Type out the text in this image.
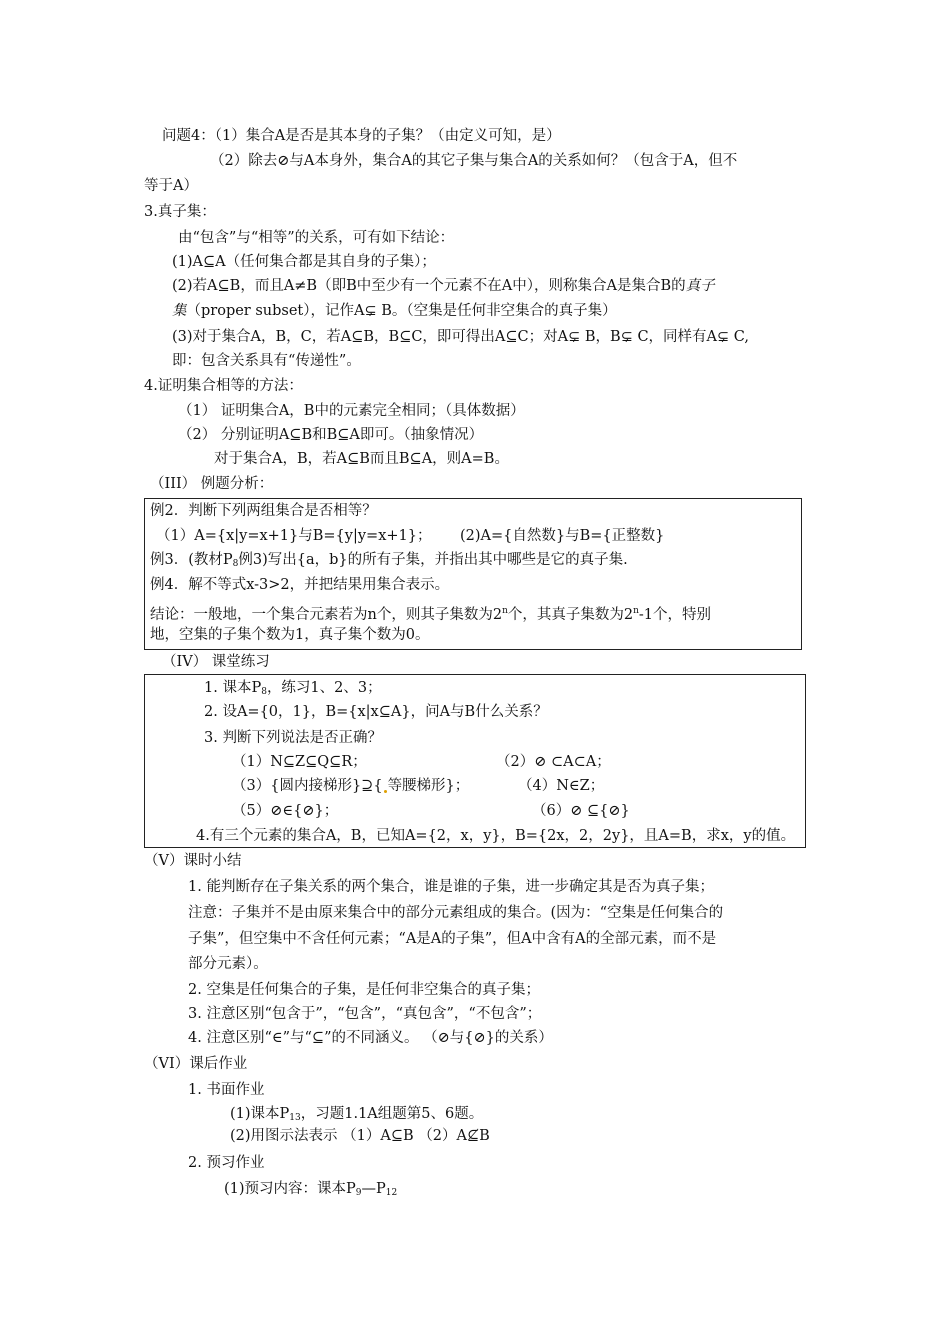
问题4：（1）集合A是否是其本身的子集？（由定义可知，是）
（2）除去⊘与A本身外，集合A的其它子集与集合A的关系如何？（包含于A，但不
等于A）
3.真子集：
由“包含”与“相等”的关系，可有如下结论：
(1)A⊆A（任何集合都是其自身的子集）；
(2)若A⊆B，而且A≠B（即B中至少有一个元素不在A中），则称集合A是集合B的真子
集（proper subset），记作A⊊ B。（空集是任何非空集合的真子集）
(3)对于集合A，B，C，若A⊆B，B⊆C，即可得出A⊆C；对A⊊ B，B⊊ C，同样有A⊊ C,
即：包含关系具有“传递性”。
4.证明集合相等的方法：
（1） 证明集合A，B中的元素完全相同；（具体数据）
（2） 分别证明A⊆B和B⊆A即可。（抽象情况）
对于集合A，B，若A⊆B而且B⊆A，则A=B。
（III） 例题分析：
例2．判断下列两组集合是否相等？
（1）A={x|y=x+1}与B={y|y=x+1}； (2)A={自然数}与B={正整数}
例3．(教材$P_8$例3)写出{a，b}的所有子集，并指出其中哪些是它的真子集.
例4．解不等式x-3>2，并把结果用集合表示。
结论：一般地，一个集合元素若为n个，则其子集数为2$^n$个，其真子集数为2$^n$-1个，特别
地，空集的子集个数为1，真子集个数为0。
（IV） 课堂练习
1. 课本$P_8$，练习1、2、3；
2. 设A={0，1}，B={x|x⊆A}，问A与B什么关系？
3. 判断下列说法是否正确？
（1）N⊆Z⊆Q⊆R；	（2）⊘ ⊂A⊂A；
（3）{圆内接梯形}⊇{ 等腰梯形}；	（4）N∈Z；
（5）⊘∈{⊘}；	（6）⊘ ⊆{⊘}
4.有三个元素的集合A，B，已知A={2，x，y}，B={2x，2，2y}，且A=B，求x，y的值。
（V）课时小结
1. 能判断存在子集关系的两个集合，谁是谁的子集，进一步确定其是否为真子集；
注意：子集并不是由原来集合中的部分元素组成的集合。(因为：“空集是任何集合的
子集”，但空集中不含任何元素；“A是A的子集”，但A中含有A的全部元素，而不是
部分元素）。
2. 空集是任何集合的子集，是任何非空集合的真子集；
3. 注意区别“包含于”，“包含”，“真包含”，“不包含”；
4. 注意区别“∈”与“⊆”的不同涵义。 （⊘与{⊘}的关系）
（VI）课后作业
1. 书面作业
(1)课本$P_{13}$，习题1.1A组题第5、6题。
(2)用图示法表示 （1）A⊆B （2）A⊈B
2. 预习作业
(1)预习内容：课本$P_9—P_{12}$
